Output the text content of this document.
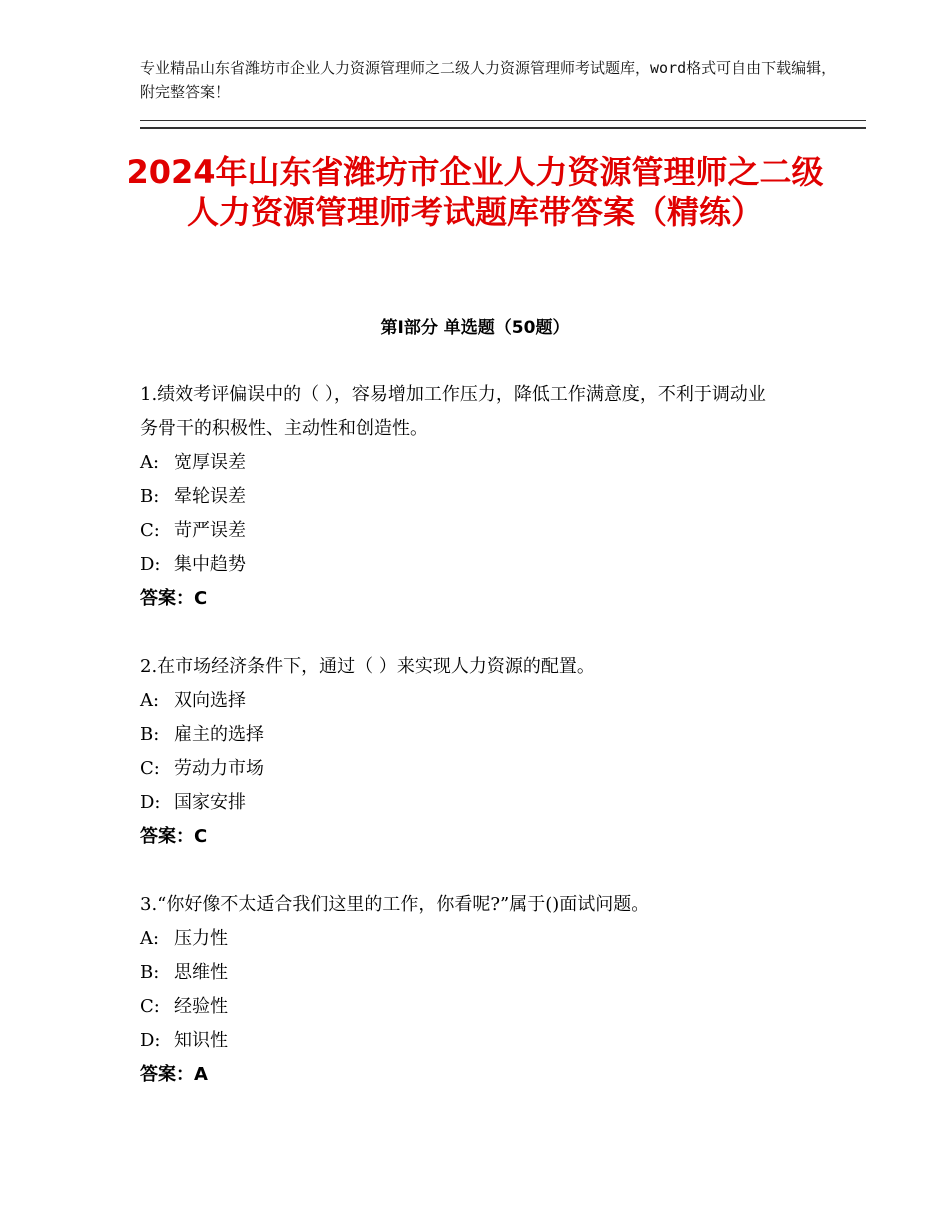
专业精品山东省潍坊市企业人力资源管理师之二级人力资源管理师考试题库，word格式可自由下载编辑，附完整答案！
2024年山东省潍坊市企业人力资源管理师之二级人力资源管理师考试题库带答案（精练）
第Ⅰ部分 单选题（50题）

1.绩效考评偏误中的（ ），容易增加工作压力，降低工作满意度，不利于调动业务骨干的积极性、主动性和创造性。

A: 宽厚误差
B: 晕轮误差
C: 苛严误差
D: 集中趋势
答案：C

2.在市场经济条件下，通过（ ）来实现人力资源的配置。

A: 双向选择
B: 雇主的选择
C: 劳动力市场
D: 国家安排
答案：C

3.“你好像不太适合我们这里的工作，你看呢?”属于()面试问题。

A: 压力性
B: 思维性
C: 经验性
D: 知识性
答案：A
